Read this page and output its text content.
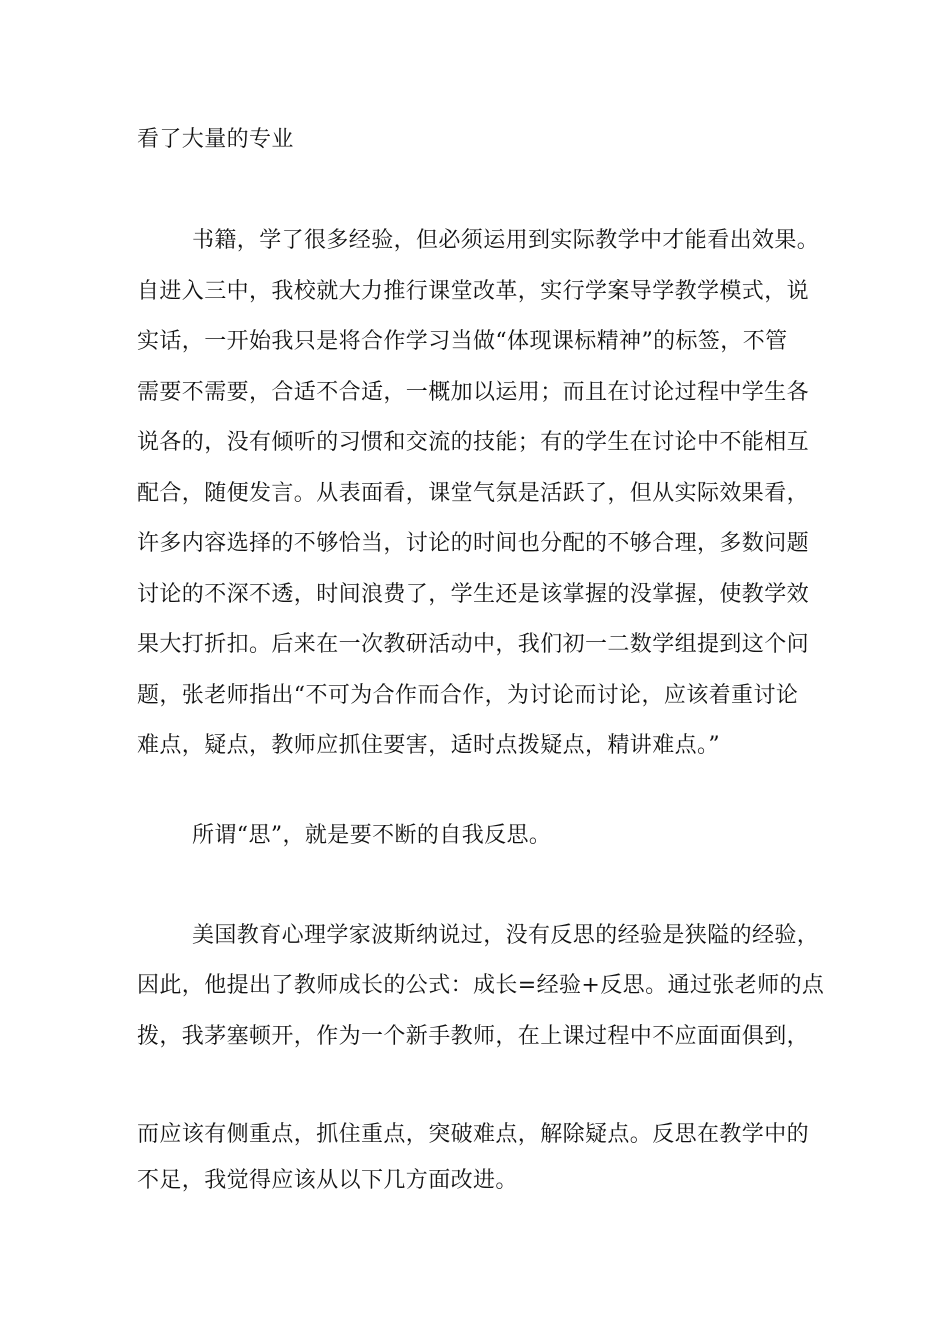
看了大量的专业
书籍，学了很多经验，但必须运用到实际教学中才能看出效果。
自进入三中，我校就大力推行课堂改革，实行学案导学教学模式，说
实话，一开始我只是将合作学习当做“体现课标精神”的标签，不管
需要不需要，合适不合适，一概加以运用；而且在讨论过程中学生各
说各的，没有倾听的习惯和交流的技能；有的学生在讨论中不能相互
配合，随便发言。从表面看，课堂气氛是活跃了，但从实际效果看，
许多内容选择的不够恰当，讨论的时间也分配的不够合理，多数问题
讨论的不深不透，时间浪费了，学生还是该掌握的没掌握，使教学效
果大打折扣。后来在一次教研活动中，我们初一二数学组提到这个问
题，张老师指出“不可为合作而合作，为讨论而讨论，应该着重讨论
难点，疑点，教师应抓住要害，适时点拨疑点，精讲难点。”
所谓“思”，就是要不断的自我反思。
美国教育心理学家波斯纳说过，没有反思的经验是狭隘的经验，
因此，他提出了教师成长的公式：成长=经验+反思。通过张老师的点
拨，我茅塞顿开，作为一个新手教师，在上课过程中不应面面俱到，
而应该有侧重点，抓住重点，突破难点，解除疑点。反思在教学中的
不足，我觉得应该从以下几方面改进。
